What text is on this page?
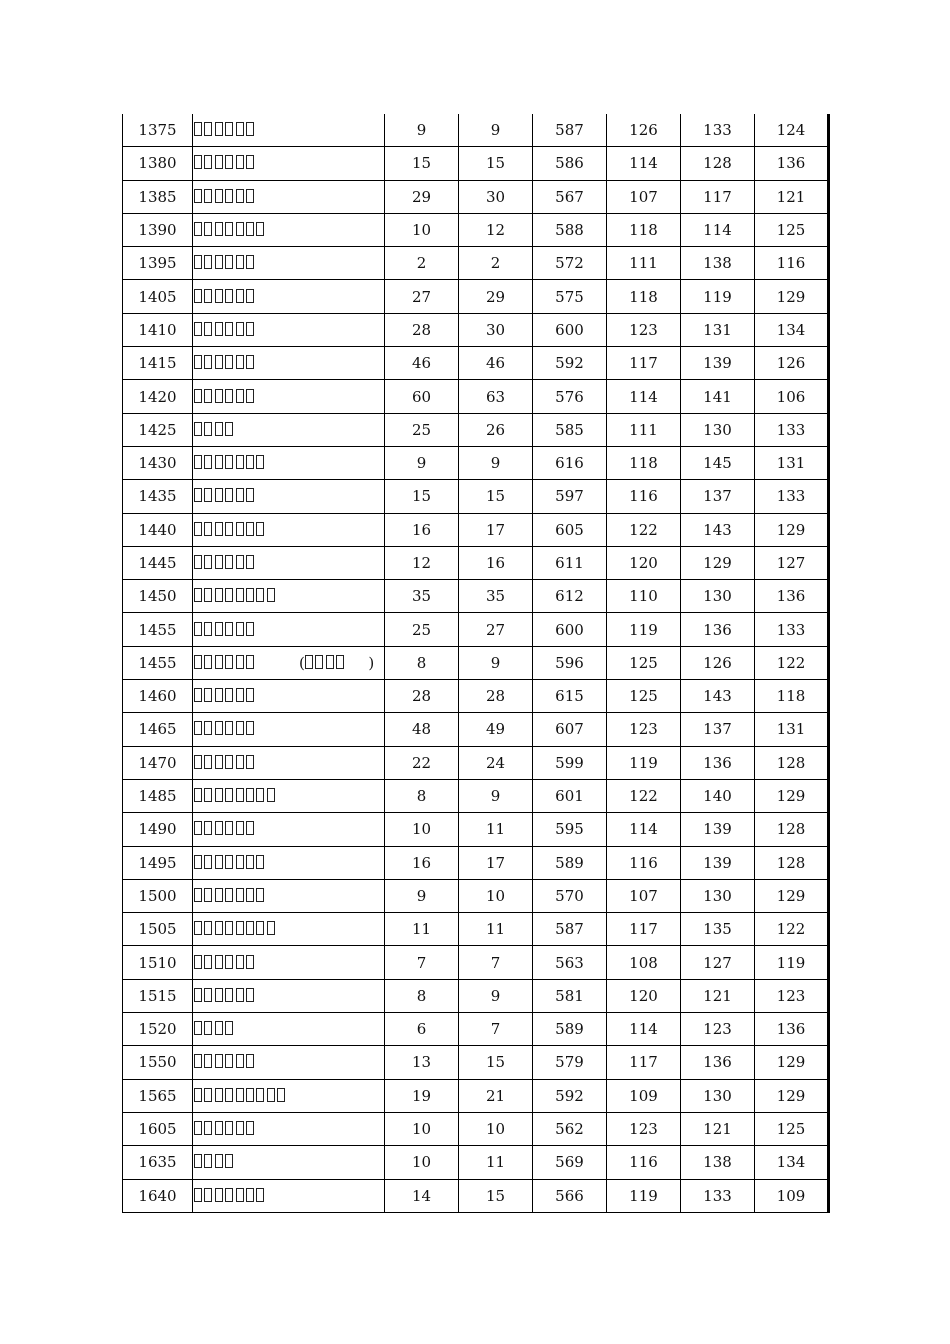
1375		9	9	587	126	133	124
1380		15	15	586	114	128	136
1385		29	30	567	107	117	121
1390		10	12	588	118	114	125
1395		2	2	572	111	138	116
1405		27	29	575	118	119	129
1410		28	30	600	123	131	134
1415		46	46	592	117	139	126
1420		60	63	576	114	141	106
1425		25	26	585	111	130	133
1430		9	9	616	118	145	131
1435		15	15	597	116	137	133
1440		16	17	605	122	143	129
1445		12	16	611	120	129	127
1450		35	35	612	110	130	136
1455		25	27	600	119	136	133
1455	( )	8	9	596	125	126	122
1460		28	28	615	125	143	118
1465		48	49	607	123	137	131
1470		22	24	599	119	136	128
1485		8	9	601	122	140	129
1490		10	11	595	114	139	128
1495		16	17	589	116	139	128
1500		9	10	570	107	130	129
1505		11	11	587	117	135	122
1510		7	7	563	108	127	119
1515		8	9	581	120	121	123
1520		6	7	589	114	123	136
1550		13	15	579	117	136	129
1565		19	21	592	109	130	129
1605		10	10	562	123	121	125
1635		10	11	569	116	138	134
1640		14	15	566	119	133	109
